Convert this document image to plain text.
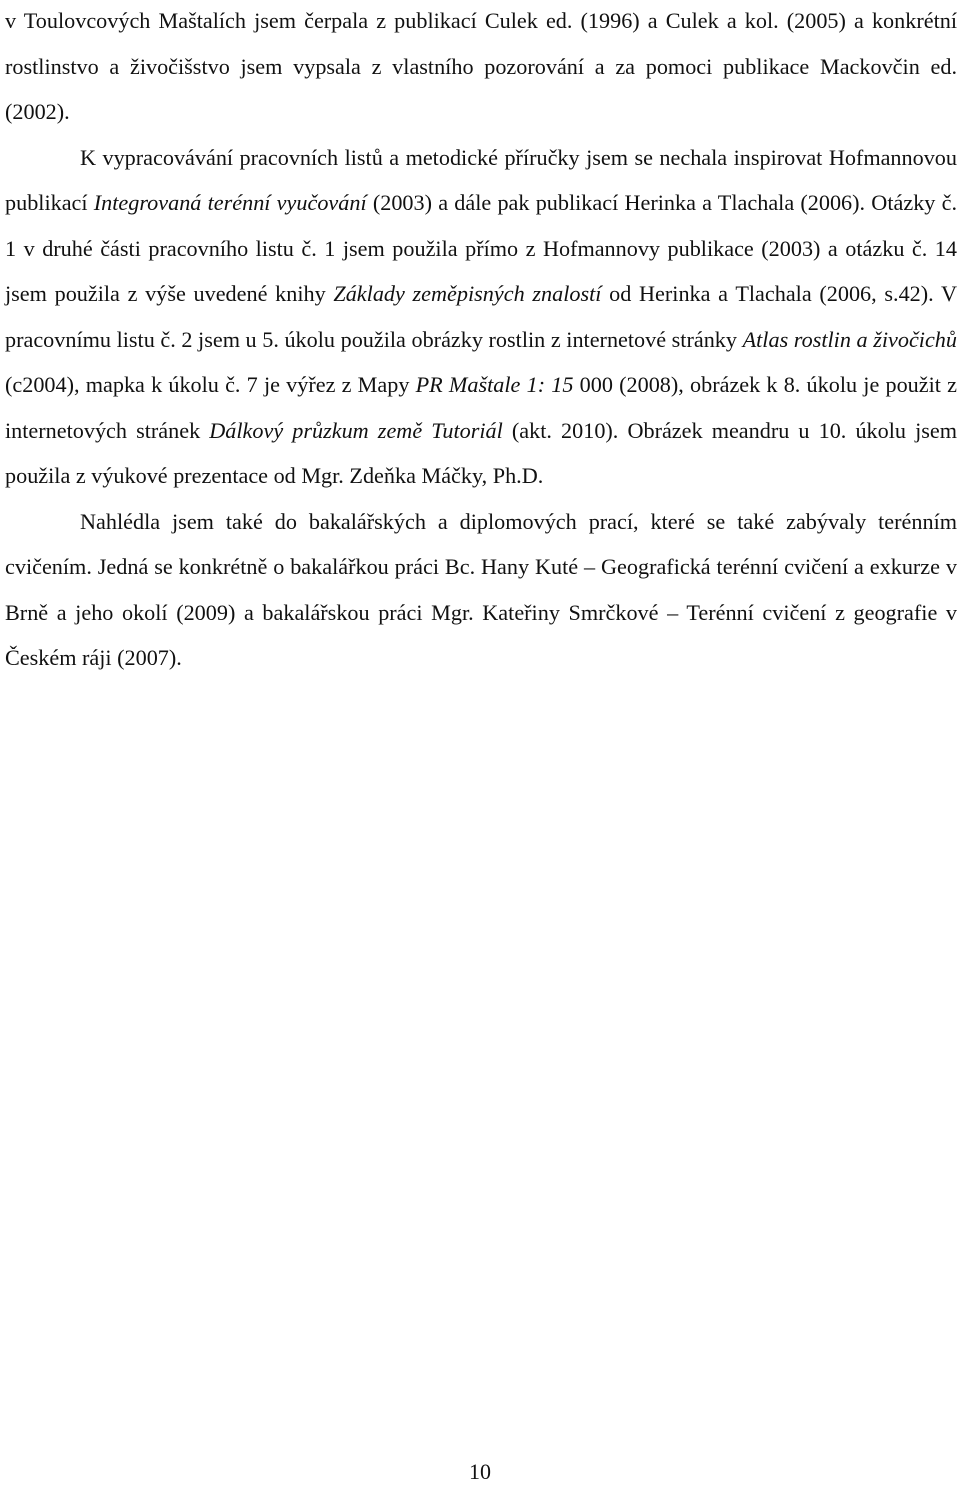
v Toulovcových Maštalích jsem čerpala z publikací Culek ed. (1996) a Culek a kol. (2005) a konkrétní rostlinstvo a živočišstvo jsem vypsala z vlastního pozorování a za pomoci publikace Mackovčin ed. (2002).

K vypracovávání pracovních listů a metodické příručky jsem se nechala inspirovat Hofmannovou publikací Integrovaná terénní vyučování (2003) a dále pak publikací Herinka a Tlachala (2006). Otázky č. 1 v druhé části pracovního listu č. 1 jsem použila přímo z Hofmannovy publikace (2003) a otázku č. 14 jsem použila z výše uvedené knihy Základy zeměpisných znalostí od Herinka a Tlachala (2006, s.42). V pracovnímu listu č. 2 jsem u 5. úkolu použila obrázky rostlin z internetové stránky Atlas rostlin a živočichů (c2004), mapka k úkolu č. 7 je výřez z Mapy PR Maštale 1: 15 000 (2008), obrázek k 8. úkolu je použit z internetových stránek Dálkový průzkum země Tutoriál (akt. 2010). Obrázek meandru u 10. úkolu jsem použila z výukové prezentace od Mgr. Zdeňka Máčky, Ph.D.

Nahlédla jsem také do bakalářských a diplomových prací, které se také zabývaly terénním cvičením. Jedná se konkrétně o bakalářkou práci Bc. Hany Kuté – Geografická terénní cvičení a exkurze v Brně a jeho okolí (2009) a bakalářskou práci Mgr. Kateřiny Smrčkové – Terénní cvičení z geografie v Českém ráji (2007).

10
